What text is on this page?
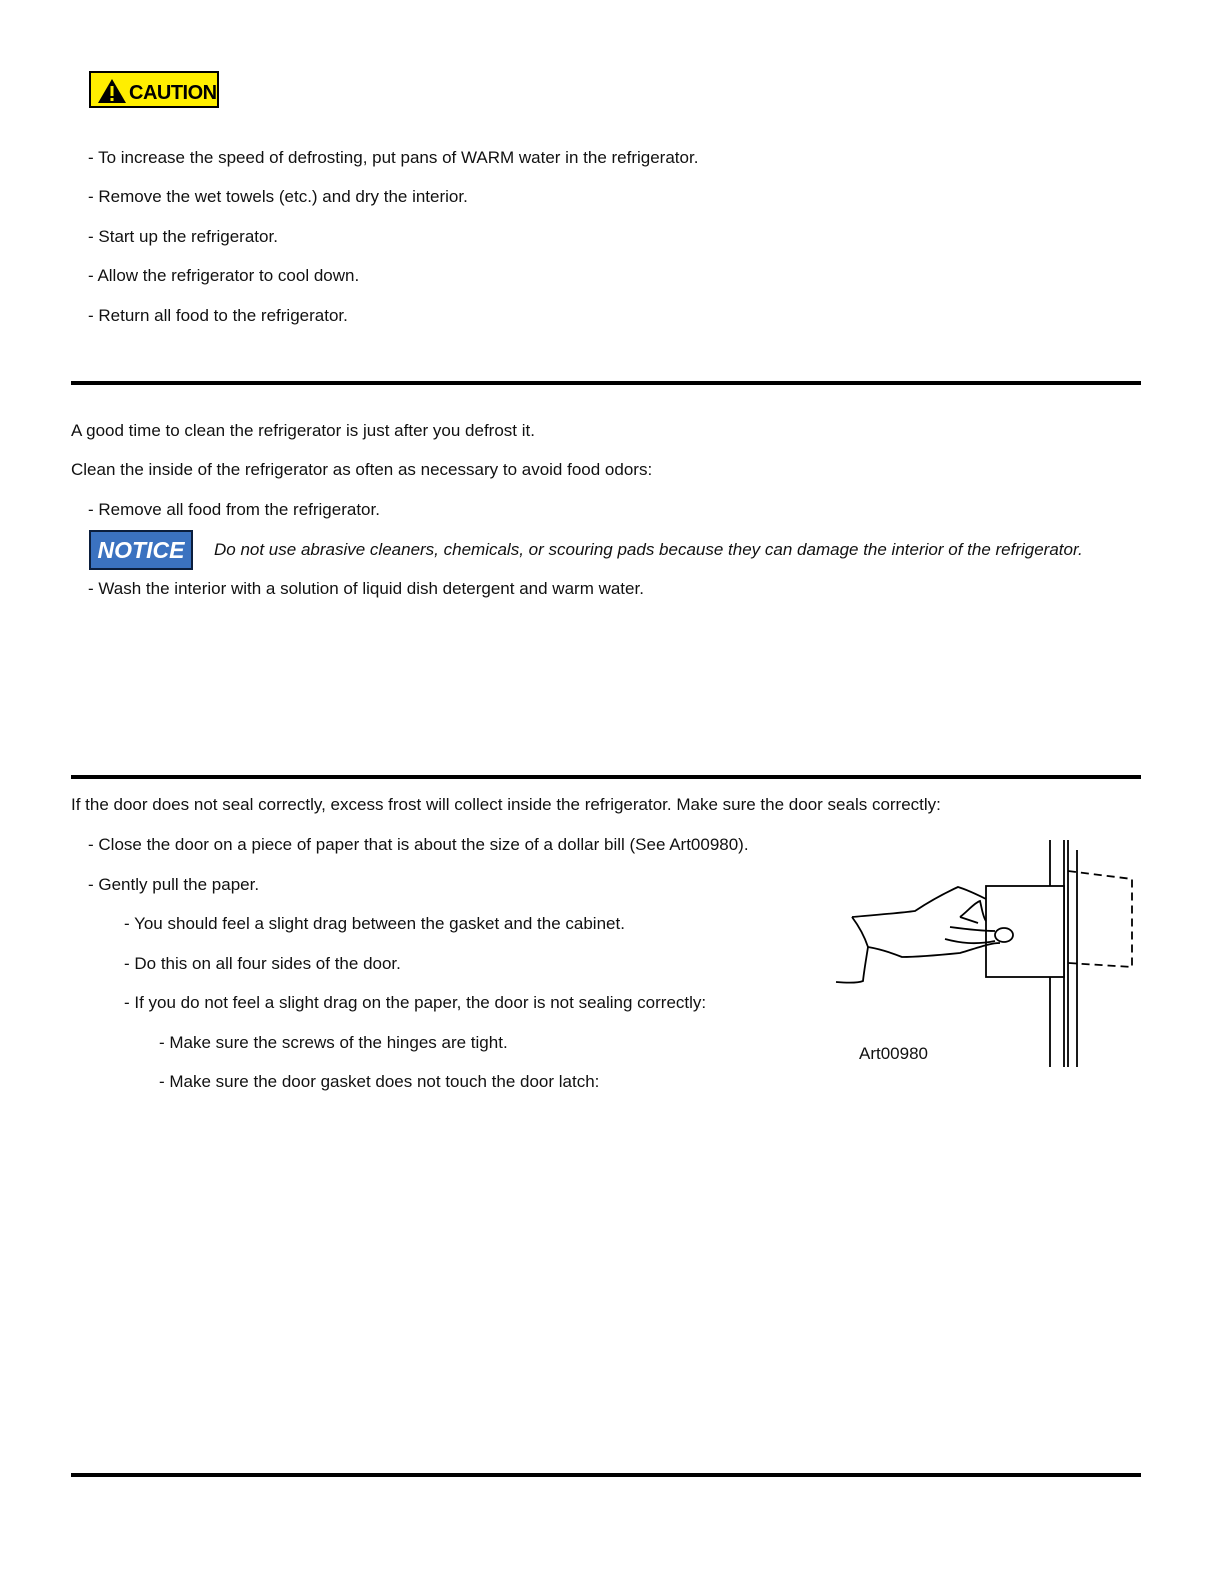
CAUTION
- To increase the speed of defrosting, put pans of WARM water in the refrigerator.
- Remove the wet towels (etc.) and dry the interior.
- Start up the refrigerator.
- Allow the refrigerator to cool down.
- Return all food to the refrigerator.
A good time to clean the refrigerator is just after you defrost it.
Clean the inside of the refrigerator as often as necessary to avoid food odors:
- Remove all food from the refrigerator.
NOTICE	Do not use abrasive cleaners, chemicals, or scouring pads because they can damage the interior of the refrigerator.
- Wash the interior with a solution of liquid dish detergent and warm water.
If the door does not seal correctly, excess frost will collect inside the refrigerator. Make sure the door seals correctly:
- Close the door on a piece of paper that is about the size of a dollar bill (See Art00980).
- Gently pull the paper.
- You should feel a slight drag between the gasket and the cabinet.
- Do this on all four sides of the door.
- If you do not feel a slight drag on the paper, the door is not sealing correctly:
- Make sure the screws of the hinges are tight.
- Make sure the door gasket does not touch the door latch:
Art00980
